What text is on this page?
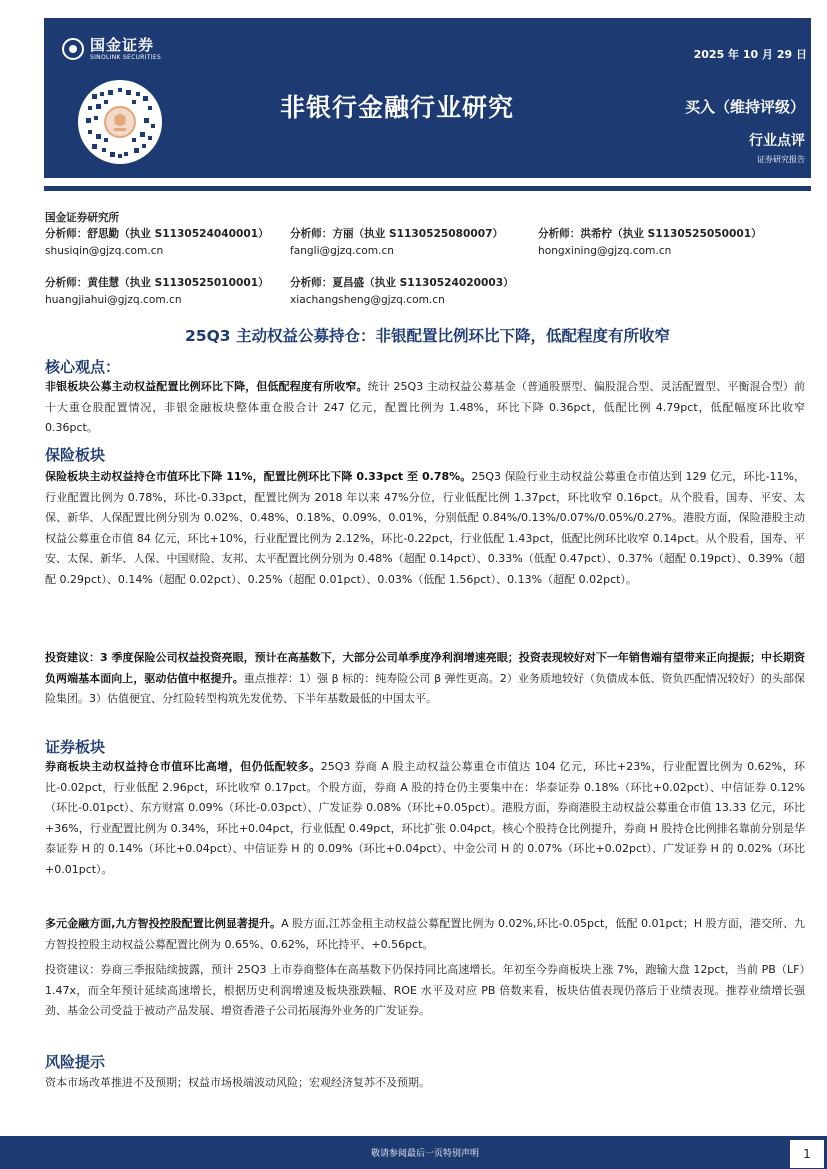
国金证券
SINOLINK SECURITIES	2025 年 10 月 29 日
非银行金融行业研究	买入（维持评级）
行业点评
证券研究报告
国金证券研究所
分析师：舒思勤（执业 S1130524040001）
shusiqin@gjzq.com.cn
分析师：方丽（执业 S1130525080007）
fangli@gjzq.com.cn
分析师：洪希柠（执业 S1130525050001）
hongxining@gjzq.com.cn
分析师：黄佳慧（执业 S1130525010001）
huangjiahui@gjzq.com.cn
分析师：夏昌盛（执业 S1130524020003）
xiachangsheng@gjzq.com.cn
25Q3 主动权益公募持仓：非银配置比例环比下降，低配程度有所收窄
核心观点：
非银板块公募主动权益配置比例环比下降，但低配程度有所收窄。统计 25Q3 主动权益公募基金（普通股票型、偏股混合型、灵活配置型、平衡混合型）前十大重仓股配置情况，非银金融板块整体重仓股合计 247 亿元，配置比例为 1.48%，环比下降 0.36pct，低配比例 4.79pct，低配幅度环比收窄 0.36pct。
保险板块
保险板块主动权益持仓市值环比下降 11%，配置比例环比下降 0.33pct 至 0.78%。25Q3 保险行业主动权益公募重仓市值达到 129 亿元，环比-11%，行业配置比例为 0.78%，环比-0.33pct，配置比例为 2018 年以来 47%分位，行业低配比例 1.37pct，环比收窄 0.16pct。从个股看，国寿、平安、太保、新华、人保配置比例分别为 0.02%、0.48%、0.18%、0.09%、0.01%，分别低配 0.84%/0.13%/0.07%/0.05%/0.27%。港股方面，保险港股主动权益公募重仓市值 84 亿元，环比+10%，行业配置比例为 2.12%，环比-0.22pct，行业低配 1.43pct，低配比例环比收窄 0.14pct。从个股看，国寿、平安、太保、新华、人保、中国财险、友邦、太平配置比例分别为 0.48%（超配 0.14pct）、0.33%（低配 0.47pct）、0.37%（超配 0.19pct）、0.39%（超配 0.29pct）、0.14%（超配 0.02pct）、0.25%（超配 0.01pct）、0.03%（低配 1.56pct）、0.13%（超配 0.02pct）。
投资建议：3 季度保险公司权益投资亮眼，预计在高基数下，大部分公司单季度净利润增速亮眼；投资表现较好对下一年销售端有望带来正向提振；中长期资负两端基本面向上，驱动估值中枢提升。重点推荐：1）强 β 标的：纯寿险公司 β 弹性更高。2）业务质地较好（负债成本低、资负匹配情况较好）的头部保险集团。3）估值便宜、分红险转型构筑先发优势、下半年基数最低的中国太平。
证券板块
券商板块主动权益持仓市值环比高增，但仍低配较多。25Q3 券商 A 股主动权益公募重仓市值达 104 亿元，环比+23%，行业配置比例为 0.62%，环比-0.02pct，行业低配 2.96pct，环比收窄 0.17pct。个股方面，券商 A 股的持仓仍主要集中在：华泰证券 0.18%（环比+0.02pct）、中信证券 0.12%（环比-0.01pct）、东方财富 0.09%（环比-0.03pct）、广发证券 0.08%（环比+0.05pct）。港股方面，券商港股主动权益公募重仓市值 13.33 亿元，环比+36%，行业配置比例为 0.34%，环比+0.04pct，行业低配 0.49pct，环比扩张 0.04pct。核心个股持仓比例提升，券商 H 股持仓比例排名靠前分别是华泰证券 H 的 0.14%（环比+0.04pct）、中信证券 H 的 0.09%（环比+0.04pct）、中金公司 H 的 0.07%（环比+0.02pct）、广发证券 H 的 0.02%（环比+0.01pct）。
多元金融方面,九方智投控股配置比例显著提升。A 股方面,江苏金租主动权益公募配置比例为 0.02%,环比-0.05pct，低配 0.01pct；H 股方面，港交所、九方智投控股主动权益公募配置比例为 0.65%、0.62%，环比持平、+0.56pct。
投资建议：券商三季报陆续披露，预计 25Q3 上市券商整体在高基数下仍保持同比高速增长。年初至今券商板块上涨 7%，跑输大盘 12pct，当前 PB（LF）1.47x，而全年预计延续高速增长，根据历史利润增速及板块涨跌幅、ROE 水平及对应 PB 倍数来看，板块估值表现仍落后于业绩表现。推荐业绩增长强劲、基金公司受益于被动产品发展、增资香港子公司拓展海外业务的广发证券。
风险提示
资本市场改革推进不及预期；权益市场极端波动风险；宏观经济复苏不及预期。
敬请参阅最后一页特别声明	1
